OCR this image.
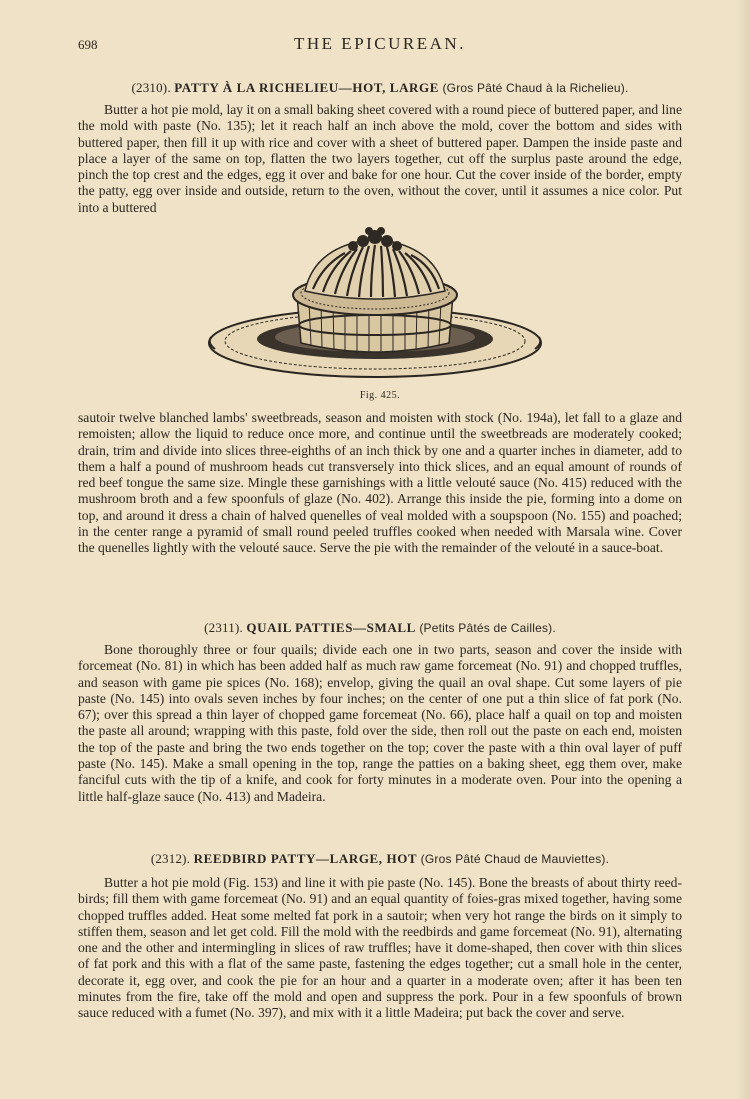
698	THE EPICUREAN.
(2310). PATTY À LA RICHELIEU—HOT, LARGE (Gros Pâté Chaud à la Richelieu).

Butter a hot pie mold, lay it on a small baking sheet covered with a round piece of buttered paper, and line the mold with paste (No. 135); let it reach half an inch above the mold, cover the bottom and sides with buttered paper, then fill it up with rice and cover with a sheet of buttered paper. Dampen the inside paste and place a layer of the same on top, flatten the two layers together, cut off the surplus paste around the edge, pinch the top crest and the edges, egg it over and bake for one hour. Cut the cover inside of the border, empty the patty, egg over inside and outside, return to the oven, without the cover, until it assumes a nice color. Put into a buttered

Fig. 425.

sautoir twelve blanched lambs' sweetbreads, season and moisten with stock (No. 194a), let fall to a glaze and remoisten; allow the liquid to reduce once more, and continue until the sweetbreads are moderately cooked; drain, trim and divide into slices three-eighths of an inch thick by one and a quarter inches in diameter, add to them a half a pound of mushroom heads cut transversely into thick slices, and an equal amount of rounds of red beef tongue the same size. Mingle these garnishings with a little velouté sauce (No. 415) reduced with the mushroom broth and a few spoonfuls of glaze (No. 402). Arrange this inside the pie, forming into a dome on top, and around it dress a chain of halved quenelles of veal molded with a soupspoon (No. 155) and poached; in the center range a pyramid of small round peeled truffles cooked when needed with Marsala wine. Cover the quenelles lightly with the velouté sauce. Serve the pie with the remainder of the velouté in a sauce-boat.

(2311). QUAIL PATTIES—SMALL (Petits Pâtés de Cailles).

Bone thoroughly three or four quails; divide each one in two parts, season and cover the inside with forcemeat (No. 81) in which has been added half as much raw game forcemeat (No. 91) and chopped truffles, and season with game pie spices (No. 168); envelop, giving the quail an oval shape. Cut some layers of pie paste (No. 145) into ovals seven inches by four inches; on the center of one put a thin slice of fat pork (No. 67); over this spread a thin layer of chopped game forcemeat (No. 66), place half a quail on top and moisten the paste all around; wrapping with this paste, fold over the side, then roll out the paste on each end, moisten the top of the paste and bring the two ends together on the top; cover the paste with a thin oval layer of puff paste (No. 145). Make a small opening in the top, range the patties on a baking sheet, egg them over, make fanciful cuts with the tip of a knife, and cook for forty minutes in a moderate oven. Pour into the opening a little half-glaze sauce (No. 413) and Madeira.

(2312). REEDBIRD PATTY—LARGE, HOT (Gros Pâté Chaud de Mauviettes).

Butter a hot pie mold (Fig. 153) and line it with pie paste (No. 145). Bone the breasts of about thirty reed-birds; fill them with game forcemeat (No. 91) and an equal quantity of foies-gras mixed together, having some chopped truffles added. Heat some melted fat pork in a sautoir; when very hot range the birds on it simply to stiffen them, season and let get cold. Fill the mold with the reedbirds and game forcemeat (No. 91), alternating one and the other and intermingling in slices of raw truffles; have it dome-shaped, then cover with thin slices of fat pork and this with a flat of the same paste, fastening the edges together; cut a small hole in the center, decorate it, egg over, and cook the pie for an hour and a quarter in a moderate oven; after it has been ten minutes from the fire, take off the mold and open and suppress the pork. Pour in a few spoonfuls of brown sauce reduced with a fumet (No. 397), and mix with it a little Madeira; put back the cover and serve.
